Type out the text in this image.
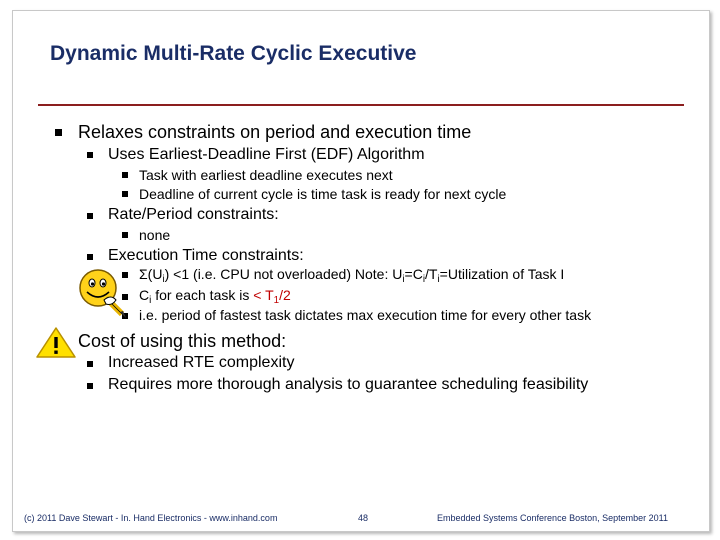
Dynamic Multi-Rate Cyclic Executive
Relaxes constraints on period and execution time
Uses Earliest-Deadline First (EDF) Algorithm
Task with earliest deadline executes next
Deadline of current cycle is time task is ready for next cycle
Rate/Period constraints:
none
Execution Time constraints:
$\Sigma(U_i) <1$ (i.e. CPU not overloaded) Note: $U_i=C_i/T_i=Utilization$ of Task I
$C_i$ for each task is < $T_1/2$
i.e. period of fastest task dictates max execution time for every other task
Cost of using this method:
Increased RTE complexity
Requires more thorough analysis to guarantee scheduling feasibility
(c) 2011 Dave Stewart - In. Hand Electronics - www.inhand.com	48	Embedded Systems Conference Boston, September 2011
